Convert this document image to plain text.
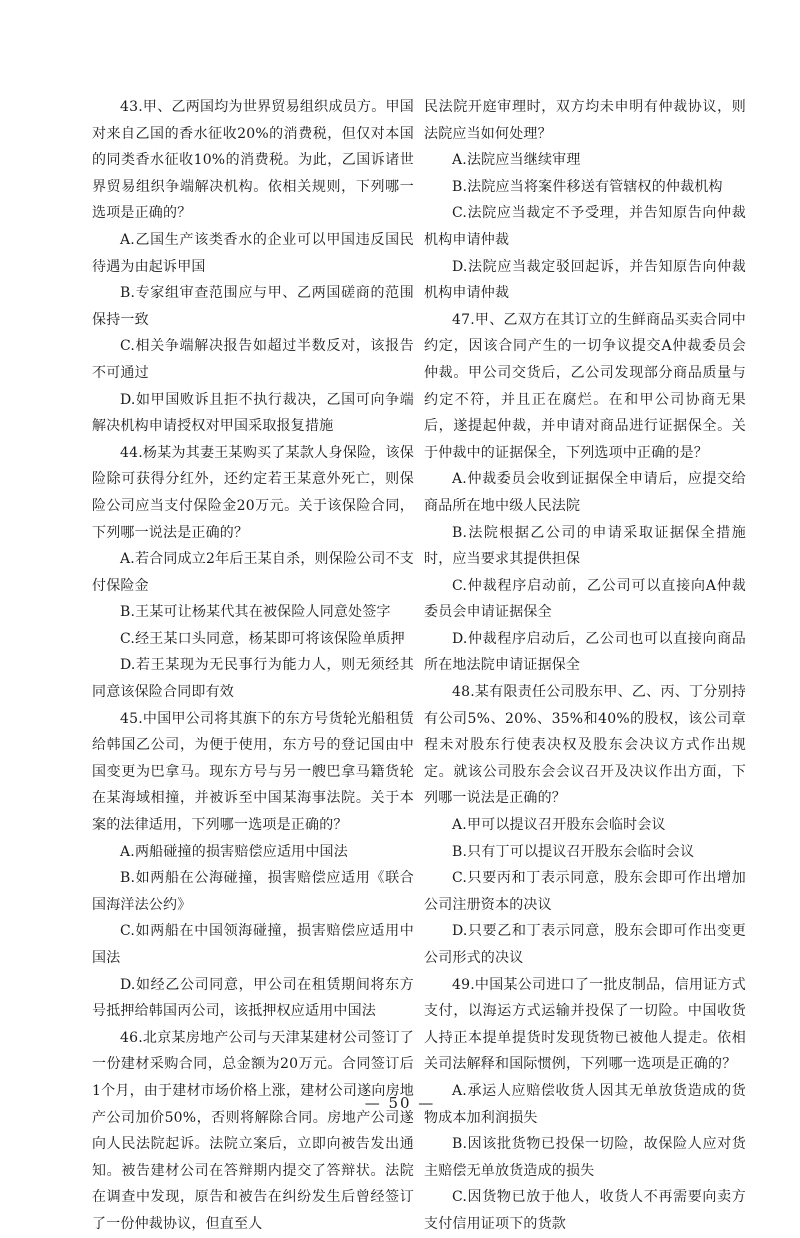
43.甲、乙两国均为世界贸易组织成员方。甲国对来自乙国的香水征收20%的消费税，但仅对本国的同类香水征收10%的消费税。为此，乙国诉诸世界贸易组织争端解决机构。依相关规则，下列哪一选项是正确的？

A.乙国生产该类香水的企业可以甲国违反国民待遇为由起诉甲国

B.专家组审查范围应与甲、乙两国磋商的范围保持一致

C.相关争端解决报告如超过半数反对，该报告不可通过

D.如甲国败诉且拒不执行裁决，乙国可向争端解决机构申请授权对甲国采取报复措施

44.杨某为其妻王某购买了某款人身保险，该保险除可获得分红外，还约定若王某意外死亡，则保险公司应当支付保险金20万元。关于该保险合同，下列哪一说法是正确的？

A.若合同成立2年后王某自杀，则保险公司不支付保险金

B.王某可让杨某代其在被保险人同意处签字

C.经王某口头同意，杨某即可将该保险单质押

D.若王某现为无民事行为能力人，则无须经其同意该保险合同即有效

45.中国甲公司将其旗下的东方号货轮光船租赁给韩国乙公司，为便于使用，东方号的登记国由中国变更为巴拿马。现东方号与另一艘巴拿马籍货轮在某海域相撞，并被诉至中国某海事法院。关于本案的法律适用，下列哪一选项是正确的？

A.两船碰撞的损害赔偿应适用中国法

B.如两船在公海碰撞，损害赔偿应适用《联合国海洋法公约》

C.如两船在中国领海碰撞，损害赔偿应适用中国法

D.如经乙公司同意，甲公司在租赁期间将东方号抵押给韩国丙公司，该抵押权应适用中国法

46.北京某房地产公司与天津某建材公司签订了一份建材采购合同，总金额为20万元。合同签订后1个月，由于建材市场价格上涨，建材公司遂向房地产公司加价50%，否则将解除合同。房地产公司遂向人民法院起诉。法院立案后，立即向被告发出通知。被告建材公司在答辩期内提交了答辩状。法院在调查中发现，原告和被告在纠纷发生后曾经签订了一份仲裁协议，但直至人

民法院开庭审理时，双方均未申明有仲裁协议，则法院应当如何处理？

A.法院应当继续审理

B.法院应当将案件移送有管辖权的仲裁机构

C.法院应当裁定不予受理，并告知原告向仲裁机构申请仲裁

D.法院应当裁定驳回起诉，并告知原告向仲裁机构申请仲裁

47.甲、乙双方在其订立的生鲜商品买卖合同中约定，因该合同产生的一切争议提交A仲裁委员会仲裁。甲公司交货后，乙公司发现部分商品质量与约定不符，并且正在腐烂。在和甲公司协商无果后，遂提起仲裁，并申请对商品进行证据保全。关于仲裁中的证据保全，下列选项中正确的是？

A.仲裁委员会收到证据保全申请后，应提交给商品所在地中级人民法院

B.法院根据乙公司的申请采取证据保全措施时，应当要求其提供担保

C.仲裁程序启动前，乙公司可以直接向A仲裁委员会申请证据保全

D.仲裁程序启动后，乙公司也可以直接向商品所在地法院申请证据保全

48.某有限责任公司股东甲、乙、丙、丁分别持有公司5%、20%、35%和40%的股权，该公司章程未对股东行使表决权及股东会决议方式作出规定。就该公司股东会会议召开及决议作出方面，下列哪一说法是正确的？

A.甲可以提议召开股东会临时会议

B.只有丁可以提议召开股东会临时会议

C.只要丙和丁表示同意，股东会即可作出增加公司注册资本的决议

D.只要乙和丁表示同意，股东会即可作出变更公司形式的决议

49.中国某公司进口了一批皮制品，信用证方式支付，以海运方式运输并投保了一切险。中国收货人持正本提单提货时发现货物已被他人提走。依相关司法解释和国际惯例，下列哪一选项是正确的？

A.承运人应赔偿收货人因其无单放货造成的货物成本加利润损失

B.因该批货物已投保一切险，故保险人应对货主赔偿无单放货造成的损失

C.因货物已放于他人，收货人不再需要向卖方支付信用证项下的货款

— 50 —
